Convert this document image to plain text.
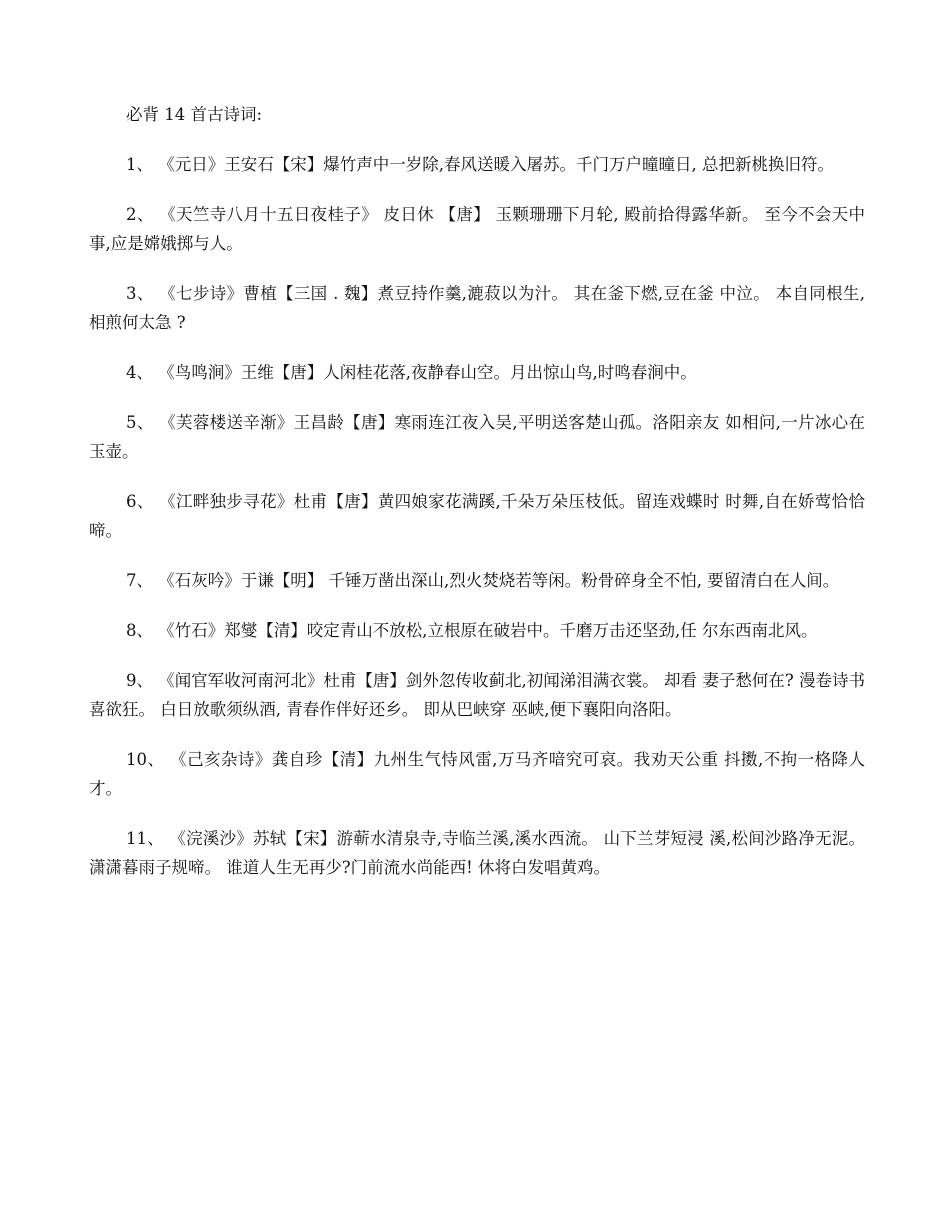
必背 14 首古诗词:

1、 《元日》王安石【宋】爆竹声中一岁除,春风送暖入屠苏。千门万户曈曈日, 总把新桃换旧符。

2、 《天竺寺八月十五日夜桂子》 皮日休 【唐】 玉颗珊珊下月轮, 殿前拾得露华新。 至今不会天中事,应是嫦娥掷与人。

3、 《七步诗》曹植【三国 . 魏】煮豆持作羹,漉菽以为汁。 其在釜下燃,豆在釜 中泣。 本自同根生,相煎何太急 ?

4、 《鸟鸣涧》王维【唐】人闲桂花落,夜静春山空。月出惊山鸟,时鸣春涧中。

5、 《芙蓉楼送辛渐》王昌龄【唐】寒雨连江夜入吴,平明送客楚山孤。洛阳亲友 如相问,一片冰心在玉壶。

6、 《江畔独步寻花》杜甫【唐】黄四娘家花满蹊,千朵万朵压枝低。留连戏蝶时 时舞,自在娇莺恰恰啼。

7、 《石灰吟》于谦【明】 千锤万凿出深山,烈火焚烧若等闲。粉骨碎身全不怕, 要留清白在人间。

8、 《竹石》郑燮【清】咬定青山不放松,立根原在破岩中。千磨万击还坚劲,任 尔东西南北风。

9、 《闻官军收河南河北》杜甫【唐】剑外忽传收蓟北,初闻涕泪满衣裳。 却看 妻子愁何在? 漫卷诗书喜欲狂。 白日放歌须纵酒, 青春作伴好还乡。 即从巴峡穿 巫峡,便下襄阳向洛阳。

10、 《己亥杂诗》龚自珍【清】九州生气恃风雷,万马齐喑究可哀。我劝天公重 抖擞,不拘一格降人才。

11、 《浣溪沙》苏轼【宋】游蕲水清泉寺,寺临兰溪,溪水西流。 山下兰芽短浸 溪,松间沙路净无泥。潇潇暮雨子规啼。 谁道人生无再少?门前流水尚能西! 休将白发唱黄鸡。
